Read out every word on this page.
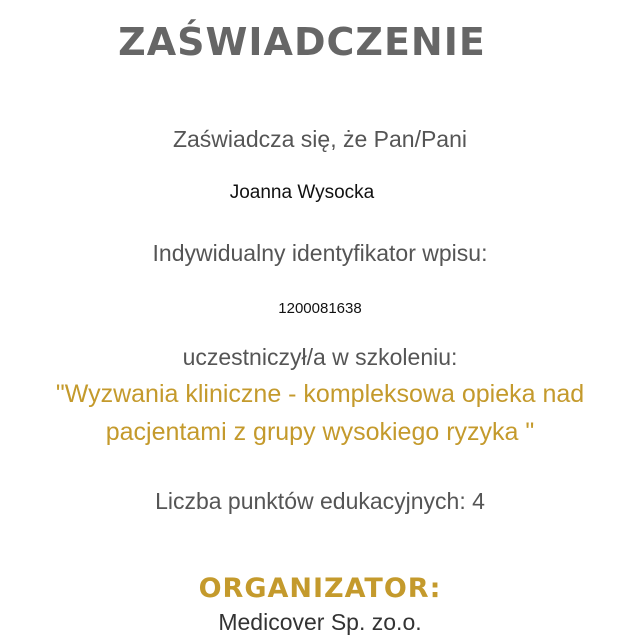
ZAŚWIADCZENIE
Zaświadcza się, że Pan/Pani
Joanna Wysocka
Indywidualny identyfikator wpisu:
1200081638
uczestniczył/a w szkoleniu:
"Wyzwania kliniczne - kompleksowa opieka nad
pacjentami z grupy wysokiego ryzyka "
Liczba punktów edukacyjnych: 4
ORGANIZATOR:
Medicover Sp. zo.o.
